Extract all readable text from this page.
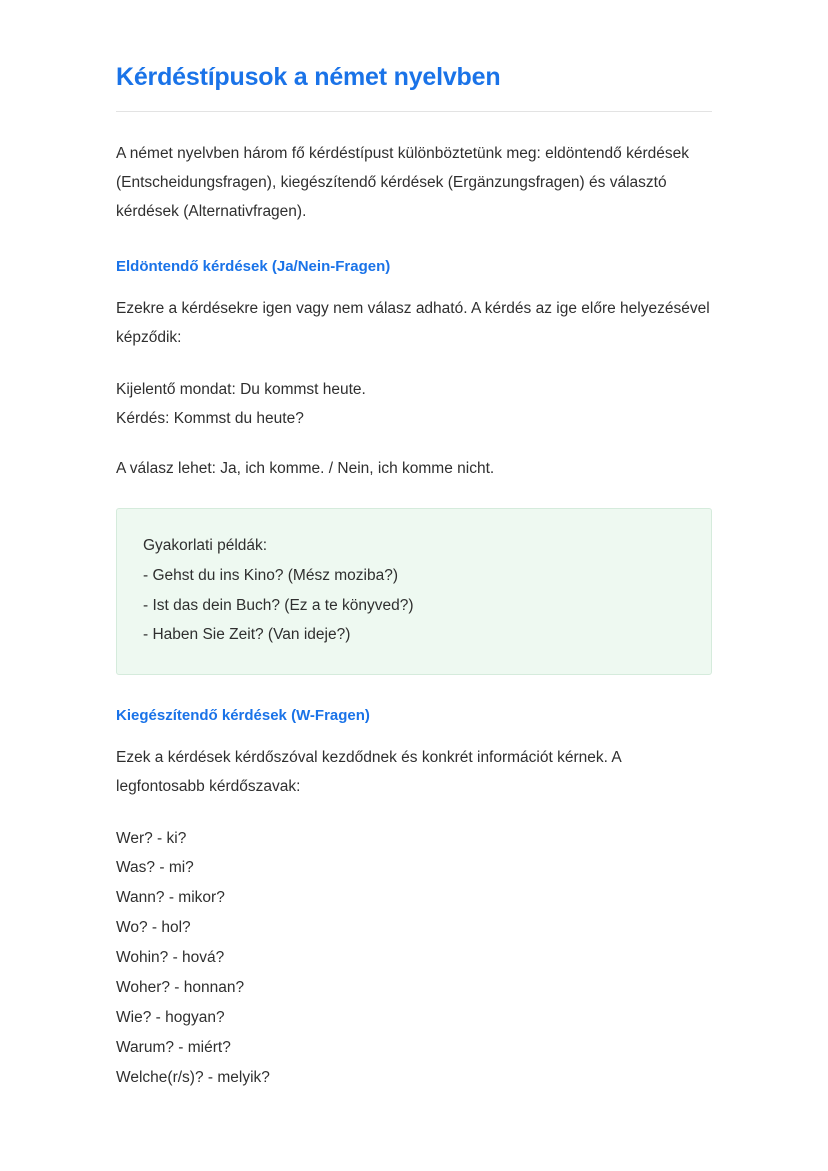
Kérdéstípusok a német nyelvben

A német nyelvben három fő kérdéstípust különböztetünk meg: eldöntendő kérdések (Entscheidungsfragen), kiegészítendő kérdések (Ergänzungsfragen) és választó kérdések (Alternativfragen).

Eldöntendő kérdések (Ja/Nein-Fragen)

Ezekre a kérdésekre igen vagy nem válasz adható. A kérdés az ige előre helyezésével képződik:

Kijelentő mondat: Du kommst heute.
Kérdés: Kommst du heute?

A válasz lehet: Ja, ich komme. / Nein, ich komme nicht.

Gyakorlati példák:
- Gehst du ins Kino? (Mész moziba?)
- Ist das dein Buch? (Ez a te könyved?)
- Haben Sie Zeit? (Van ideje?)
Kiegészítendő kérdések (W-Fragen)

Ezek a kérdések kérdőszóval kezdődnek és konkrét információt kérnek. A legfontosabb kérdőszavak:

Wer? - ki?
Was? - mi?
Wann? - mikor?
Wo? - hol?
Wohin? - hová?
Woher? - honnan?
Wie? - hogyan?
Warum? - miért?
Welche(r/s)? - melyik?
